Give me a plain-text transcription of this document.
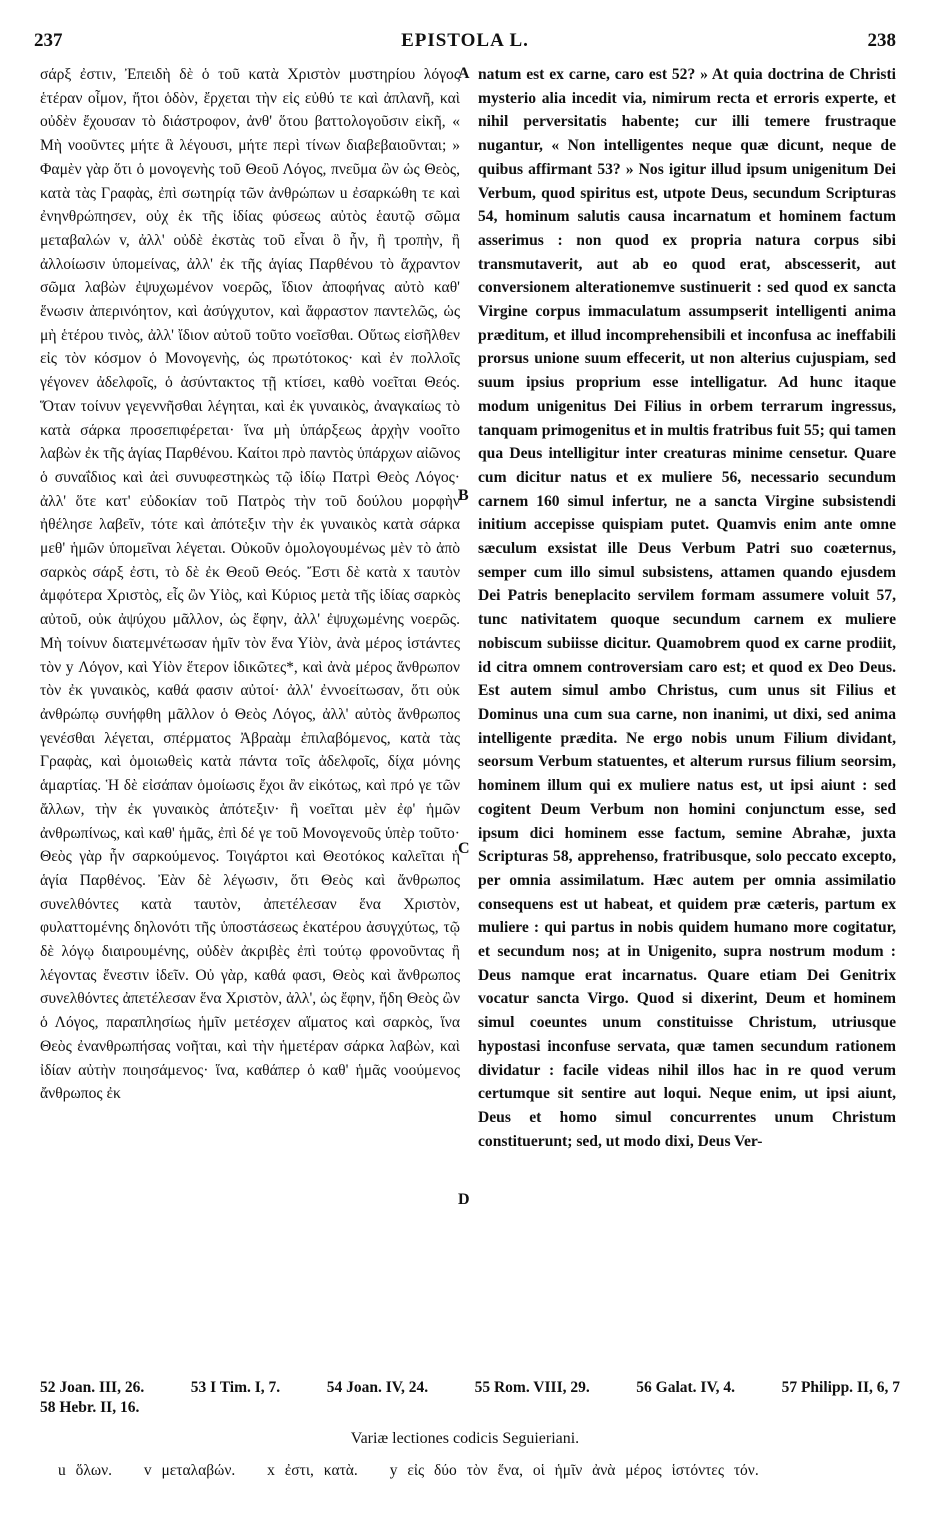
237	EPISTOLA L.	238

σάρξ ἐστιν, Ἐπειδὴ δὲ ὁ τοῦ κατὰ Χριστὸν μυστηρίου λόγος ἑτέραν οἶμον, ἤτοι ὁδὸν, ἔρχεται τὴν εἰς εὐθύ τε καὶ ἀπλανῆ, καὶ οὐδὲν ἔχουσαν τὸ διάστροφον, ἀνθ' ὅτου βαττολογοῦσιν εἰκῆ, « Μὴ νοοῦντες μήτε ἃ λέγουσι, μήτε περὶ τίνων διαβεβαιοῦνται; » Φαμὲν γὰρ ὅτι ὁ μονογενὴς τοῦ Θεοῦ Λόγος, πνεῦμα ὢν ὡς Θεὸς, κατὰ τὰς Γραφὰς, ἐπὶ σωτηρίᾳ τῶν ἀνθρώπων u ἐσαρκώθη τε καὶ ἐνηνθρώπησεν, οὐχ ἐκ τῆς ἰδίας φύσεως αὐτὸς ἑαυτῷ σῶμα μεταβαλών v, ἀλλ' οὐδὲ ἐκστὰς τοῦ εἶναι ὃ ἦν, ἢ τροπὴν, ἢ ἀλλοίωσιν ὑπομείνας, ἀλλ' ἐκ τῆς ἁγίας Παρθένου τὸ ἄχραντον σῶμα λαβὼν ἐψυχωμένον νοερῶς, ἴδιον ἀποφήνας αὐτὸ καθ' ἕνωσιν ἀπερινόητον, καὶ ἀσύγχυτον, καὶ ἄφραστον παντελῶς, ὡς μὴ ἑτέρου τινὸς, ἀλλ' ἴδιον αὐτοῦ τοῦτο νοεῖσθαι. Οὕτως εἰσῆλθεν εἰς τὸν κόσμον ὁ Μονογενὴς, ὡς πρωτότοκος· καὶ ἐν πολλοῖς γέγονεν ἀδελφοῖς, ὁ ἀσύντακτος τῇ κτίσει, καθὸ νοεῖται Θεός. Ὅταν τοίνυν γεγεννῆσθαι λέγηται, καὶ ἐκ γυναικὸς, ἀναγκαίως τὸ κατὰ σάρκα προσεπιφέρεται· ἵνα μὴ ὑπάρξεως ἀρχὴν νοοῖτο λαβὼν ἐκ τῆς ἁγίας Παρθένου. Καίτοι πρὸ παντὸς ὑπάρχων αἰῶνος ὁ συναΐδιος καὶ ἀεὶ συνυφεστηκὼς τῷ ἰδίῳ Πατρὶ Θεὸς Λόγος· ἀλλ' ὅτε κατ' εὐδοκίαν τοῦ Πατρὸς τὴν τοῦ δούλου μορφὴν ἠθέλησε λαβεῖν, τότε καὶ ἀπότεξιν τὴν ἐκ γυναικὸς κατὰ σάρκα μεθ' ἡμῶν ὑπομεῖναι λέγεται. Οὐκοῦν ὁμολογουμένως μὲν τὸ ἀπὸ σαρκὸς σάρξ ἐστι, τὸ δὲ ἐκ Θεοῦ Θεός. Ἔστι δὲ κατὰ x ταυτὸν ἀμφότερα Χριστὸς, εἷς ὢν Υἱὸς, καὶ Κύριος μετὰ τῆς ἰδίας σαρκὸς αὐτοῦ, οὐκ ἀψύχου μᾶλλον, ὡς ἔφην, ἀλλ' ἐψυχωμένης νοερῶς. Μὴ τοίνυν διατεμνέτωσαν ἡμῖν τὸν ἕνα Υἱὸν, ἀνὰ μέρος ἱστάντες τὸν y Λόγον, καὶ Υἱὸν ἕτερον ἰδικῶτες*, καὶ ἀνὰ μέρος ἄνθρωπον τὸν ἐκ γυναικὸς, καθά φασιν αὐτοί· ἀλλ' ἐννοείτωσαν, ὅτι οὐκ ἀνθρώπῳ συνήφθη μᾶλλον ὁ Θεὸς Λόγος, ἀλλ' αὐτὸς ἄνθρωπος γενέσθαι λέγεται, σπέρματος Ἀβραὰμ ἐπιλαβόμενος, κατὰ τὰς Γραφὰς, καὶ ὁμοιωθεὶς κατὰ πάντα τοῖς ἀδελφοῖς, δίχα μόνης ἁμαρτίας. Ἡ δὲ εἰσάπαν ὁμοίωσις ἔχοι ἂν εἰκότως, καὶ πρό γε τῶν ἄλλων, τὴν ἐκ γυναικὸς ἀπότεξιν· ἢ νοεῖται μὲν ἐφ' ἡμῶν ἀνθρωπίνως, καὶ καθ' ἡμᾶς, ἐπὶ δέ γε τοῦ Μονογενοῦς ὑπὲρ τοῦτο· Θεὸς γὰρ ἦν σαρκούμενος. Τοιγάρτοι καὶ Θεοτόκος καλεῖται ἡ ἁγία Παρθένος. Ἐὰν δὲ λέγωσιν, ὅτι Θεὸς καὶ ἄνθρωπος συνελθόντες κατὰ ταυτὸν, ἀπετέλεσαν ἕνα Χριστὸν, φυλαττομένης δηλονότι τῆς ὑποστάσεως ἑκατέρου ἀσυγχύτως, τῷ δὲ λόγῳ διαιρουμένης, οὐδὲν ἀκριβὲς ἐπὶ τούτῳ φρονοῦντας ἢ λέγοντας ἔνεστιν ἰδεῖν. Οὐ γὰρ, καθά φασι, Θεὸς καὶ ἄνθρωπος συνελθόντες ἀπετέλεσαν ἕνα Χριστὸν, ἀλλ', ὡς ἔφην, ἤδη Θεὸς ὢν ὁ Λόγος, παραπλησίως ἡμῖν μετέσχεν αἵματος καὶ σαρκὸς, ἵνα Θεὸς ἐνανθρωπήσας νοῆται, καὶ τὴν ἡμετέραν σάρκα λαβὼν, καὶ ἰδίαν αὐτὴν ποιησάμενος· ἵνα, καθάπερ ὁ καθ' ἡμᾶς νοούμενος ἄνθρωπος ἐκ

A
B
C
D

natum est ex carne, caro est 52? » At quia doctrina de Christi mysterio alia incedit via, nimirum recta et erroris experte, et nihil perversitatis habente; cur illi temere frustraque nugantur, « Non intelligentes neque quæ dicunt, neque de quibus affirmant 53? » Nos igitur illud ipsum unigenitum Dei Verbum, quod spiritus est, utpote Deus, secundum Scripturas 54, hominum salutis causa incarnatum et hominem factum asserimus : non quod ex propria natura corpus sibi transmutaverit, aut ab eo quod erat, abscesserit, aut conversionem alterationemve sustinuerit : sed quod ex sancta Virgine corpus immaculatum assumpserit intelligenti anima præditum, et illud incomprehensibili et inconfusa ac ineffabili prorsus unione suum effecerit, ut non alterius cujuspiam, sed suum ipsius proprium esse intelligatur. Ad hunc itaque modum unigenitus Dei Filius in orbem terrarum ingressus, tanquam primogenitus et in multis fratribus fuit 55; qui tamen qua Deus intelligitur inter creaturas minime censetur. Quare cum dicitur natus et ex muliere 56, necessario secundum carnem 160 simul infertur, ne a sancta Virgine subsistendi initium accepisse quispiam putet. Quamvis enim ante omne sæculum exsistat ille Deus Verbum Patri suo coæternus, semper cum illo simul subsistens, attamen quando ejusdem Dei Patris beneplacito servilem formam assumere voluit 57, tunc nativitatem quoque secundum carnem ex muliere nobiscum subiisse dicitur. Quamobrem quod ex carne prodiit, id citra omnem controversiam caro est; et quod ex Deo Deus. Est autem simul ambo Christus, cum unus sit Filius et Dominus una cum sua carne, non inanimi, ut dixi, sed anima intelligente prædita. Ne ergo nobis unum Filium dividant, seorsum Verbum statuentes, et alterum rursus filium seorsim, hominem illum qui ex muliere natus est, ut ipsi aiunt : sed cogitent Deum Verbum non homini conjunctum esse, sed ipsum dici hominem esse factum, semine Abrahæ, juxta Scripturas 58, apprehenso, fratribusque, solo peccato excepto, per omnia assimilatum. Hæc autem per omnia assimilatio consequens est ut habeat, et quidem præ cæteris, partum ex muliere : qui partus in nobis quidem humano more cogitatur, et secundum nos; at in Unigenito, supra nostrum modum : Deus namque erat incarnatus. Quare etiam Dei Genitrix vocatur sancta Virgo. Quod si dixerint, Deum et hominem simul coeuntes unum constituisse Christum, utriusque hypostasi inconfuse servata, quæ tamen secundum rationem dividatur : facile videas nihil illos hac in re quod verum certumque sit sentire aut loqui. Neque enim, ut ipsi aiunt, Deus et homo simul concurrentes unum Christum constituerunt; sed, ut modo dixi, Deus Ver-

52 Joan. III, 26.	53 I Tim. I, 7.	54 Joan. IV, 24.	55 Rom. VIII, 29.	56 Galat. IV, 4.	57 Philipp. II, 6, 7
58 Hebr. II, 16.
Variæ lectiones codicis Seguieriani.
u ὅλων. v μεταλαβών. x ἐστι, κατὰ. y εἰς δύο τὸν ἕνα, οἱ ἡμῖν ἀνὰ μέρος ἱστόντες τόν.
